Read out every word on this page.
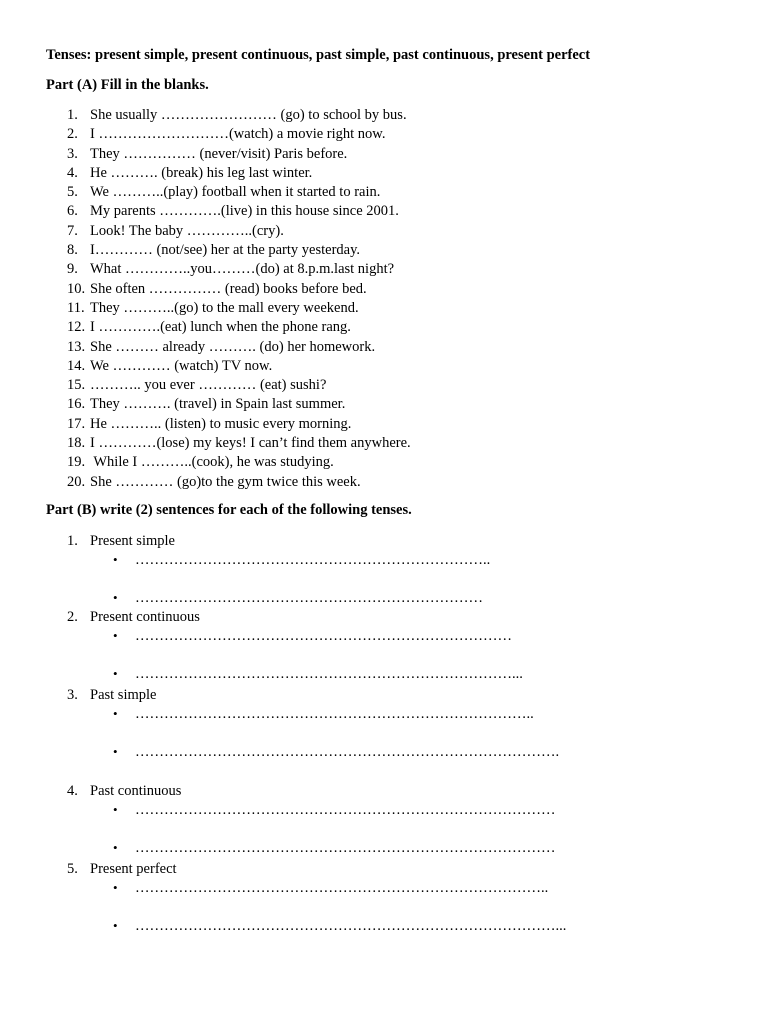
Tenses: present simple, present continuous, past simple, past continuous, present perfect
Part (A) Fill in the blanks.
1. She usually …………………… (go) to school by bus.
2. I ………………………(watch) a movie right now.
3. They …………… (never/visit) Paris before.
4. He ………. (break) his leg last winter.
5. We ………..(play) football when it started to rain.
6. My parents ………….(live) in this house since 2001.
7. Look! The baby …………..(cry).
8. I………… (not/see) her at the party yesterday.
9. What …………..you………(do) at 8.p.m.last night?
10. She often …………… (read) books before bed.
11. They ………..(go) to the mall every weekend.
12. I ………….(eat) lunch when the phone rang.
13. She ……… already ………. (do) her homework.
14. We ………… (watch) TV now.
15. ……….. you ever ………… (eat) sushi?
16. They ………. (travel) in Spain last summer.
17. He ……….. (listen) to music every morning.
18. I …………(lose) my keys! I can’t find them anywhere.
19. While I ………..(cook), he was studying.
20. She ………… (go)to the gym twice this week.
Part (B) write (2) sentences for each of the following tenses.
1. Present simple
• ………………………………………………………………..
• ………………………………………………………………
2. Present continuous
• ……………………………………………………………………
• ……………………………………………………………………...
3. Past simple
• ………………………………………………………………………..
• …………………………………………………………………………….
4. Past continuous
• ……………………………………………………………………………
• ……………………………………………………………………………
5. Present perfect
• …………………………………………………………………………..
• ……………………………………………………………………………...
